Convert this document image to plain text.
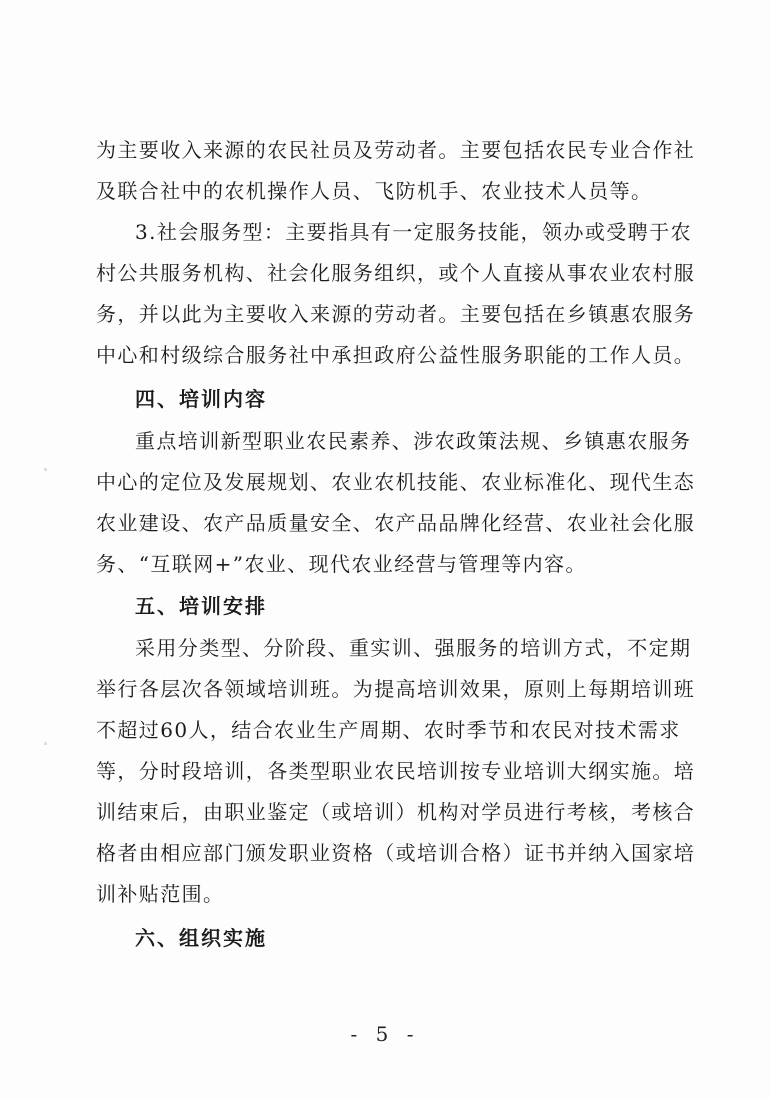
为主要收入来源的农民社员及劳动者。主要包括农民专业合作社
及联合社中的农机操作人员、飞防机手、农业技术人员等。
3.社会服务型：主要指具有一定服务技能，领办或受聘于农
村公共服务机构、社会化服务组织，或个人直接从事农业农村服
务，并以此为主要收入来源的劳动者。主要包括在乡镇惠农服务
中心和村级综合服务社中承担政府公益性服务职能的工作人员。
四、培训内容
重点培训新型职业农民素养、涉农政策法规、乡镇惠农服务
中心的定位及发展规划、农业农机技能、农业标准化、现代生态
农业建设、农产品质量安全、农产品品牌化经营、农业社会化服
务、“互联网+”农业、现代农业经营与管理等内容。
五、培训安排
采用分类型、分阶段、重实训、强服务的培训方式，不定期
举行各层次各领域培训班。为提高培训效果，原则上每期培训班
不超过60人，结合农业生产周期、农时季节和农民对技术需求
等，分时段培训，各类型职业农民培训按专业培训大纲实施。培
训结束后，由职业鉴定（或培训）机构对学员进行考核，考核合
格者由相应部门颁发职业资格（或培训合格）证书并纳入国家培
训补贴范围。
六、组织实施
- 5 -
